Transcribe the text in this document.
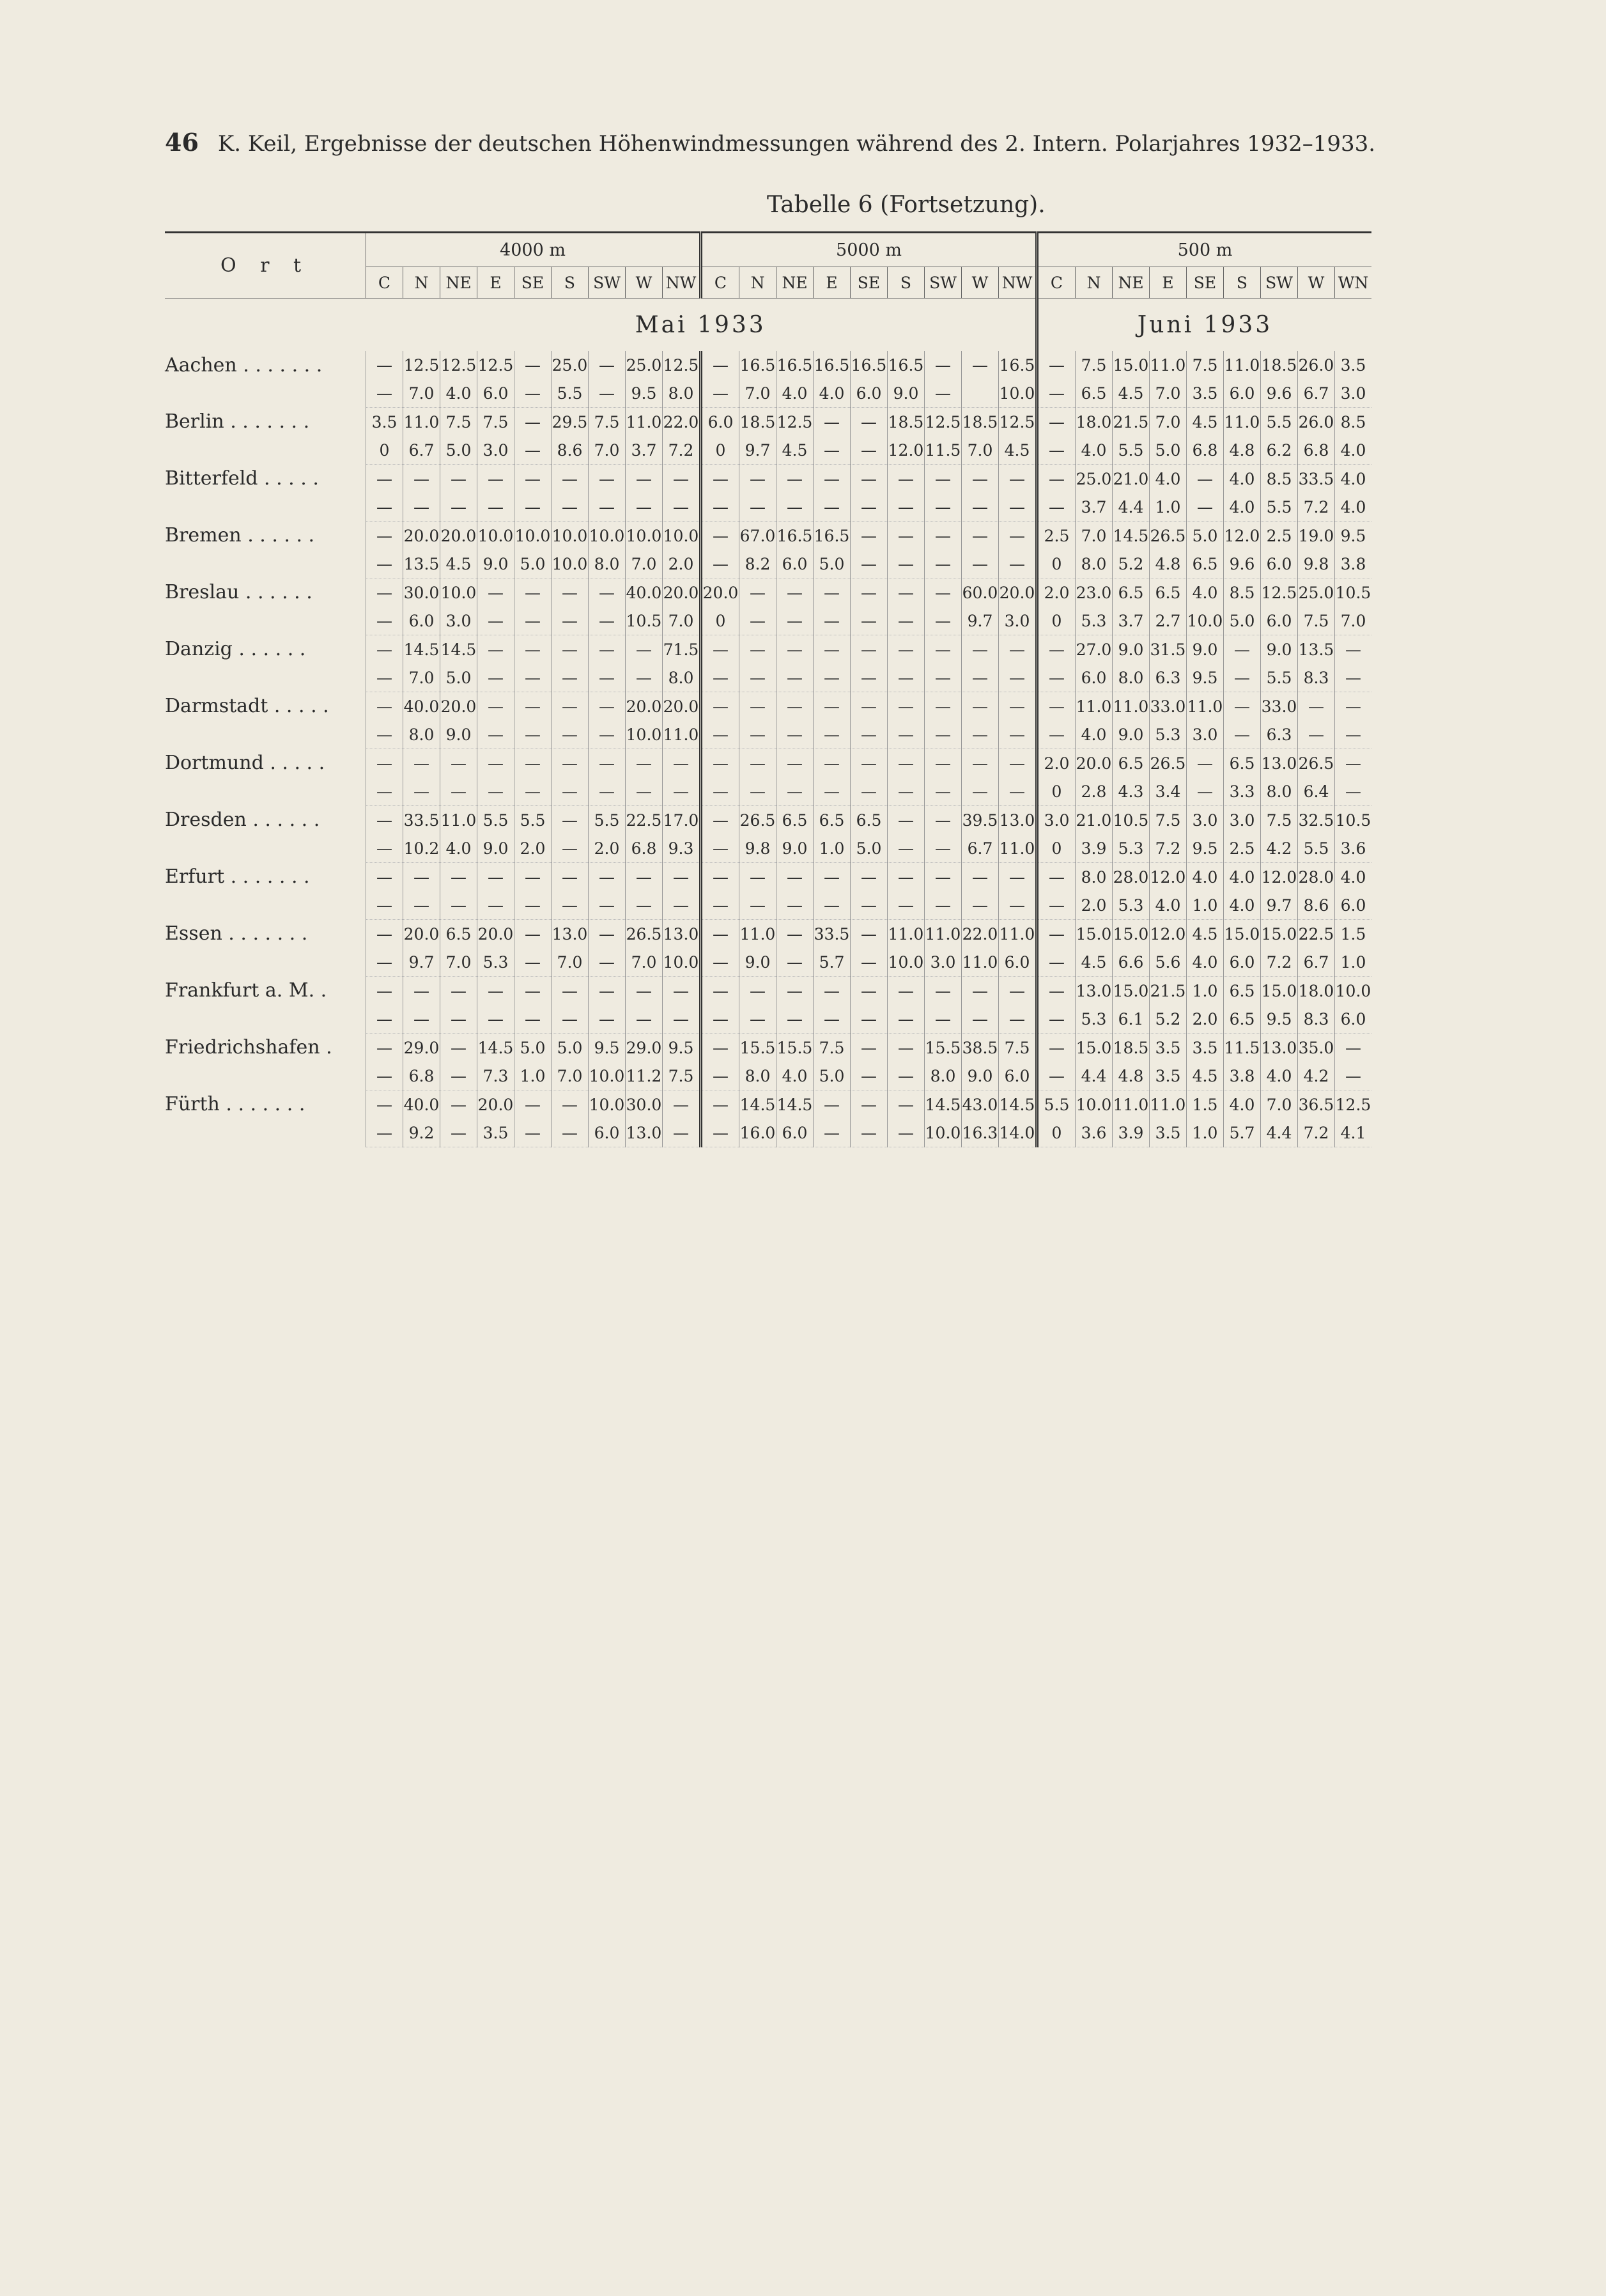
46 K. Keil, Ergebnisse der deutschen Höhenwindmessungen während des 2. Intern. Polarjahres 1932–1933.
Tabelle 6 (Fortsetzung).
O r t	4000 m									5000 m									500 m								
	C	N	NE	E	SE	S	SW	W	NW	C	N	NE	E	SE	S	SW	W	NW	C	N	NE	E	SE	S	SW	W	WN
	Mai 1933																		Juni 1933								
Aachen . . . . . . .	—	12.5	12.5	12.5	—	25.0	—	25.0	12.5	—	16.5	16.5	16.5	16.5	16.5	—	—	16.5	—	7.5	15.0	11.0	7.5	11.0	18.5	26.0	3.5
	—	7.0	4.0	6.0	—	5.5	—	9.5	8.0	—	7.0	4.0	4.0	6.0	9.0	—		10.0	—	6.5	4.5	7.0	3.5	6.0	9.6	6.7	3.0
Berlin . . . . . . .	3.5	11.0	7.5	7.5	—	29.5	7.5	11.0	22.0	6.0	18.5	12.5	—	—	18.5	12.5	18.5	12.5	—	18.0	21.5	7.0	4.5	11.0	5.5	26.0	8.5
	0	6.7	5.0	3.0	—	8.6	7.0	3.7	7.2	0	9.7	4.5	—	—	12.0	11.5	7.0	4.5	—	4.0	5.5	5.0	6.8	4.8	6.2	6.8	4.0
Bitterfeld . . . . .	—	—	—	—	—	—	—	—	—	—	—	—	—	—	—	—	—	—	—	25.0	21.0	4.0	—	4.0	8.5	33.5	4.0
	—	—	—	—	—	—	—	—	—	—	—	—	—	—	—	—	—	—	—	3.7	4.4	1.0	—	4.0	5.5	7.2	4.0
Bremen . . . . . .	—	20.0	20.0	10.0	10.0	10.0	10.0	10.0	10.0	—	67.0	16.5	16.5	—	—	—	—	—	2.5	7.0	14.5	26.5	5.0	12.0	2.5	19.0	9.5
	—	13.5	4.5	9.0	5.0	10.0	8.0	7.0	2.0	—	8.2	6.0	5.0	—	—	—	—	—	0	8.0	5.2	4.8	6.5	9.6	6.0	9.8	3.8
Breslau . . . . . .	—	30.0	10.0	—	—	—	—	40.0	20.0	20.0	—	—	—	—	—	—	60.0	20.0	2.0	23.0	6.5	6.5	4.0	8.5	12.5	25.0	10.5
	—	6.0	3.0	—	—	—	—	10.5	7.0	0	—	—	—	—	—	—	9.7	3.0	0	5.3	3.7	2.7	10.0	5.0	6.0	7.5	7.0
Danzig . . . . . .	—	14.5	14.5	—	—	—	—	—	71.5	—	—	—	—	—	—	—	—	—	—	27.0	9.0	31.5	9.0	—	9.0	13.5	—
	—	7.0	5.0	—	—	—	—	—	8.0	—	—	—	—	—	—	—	—	—	—	6.0	8.0	6.3	9.5	—	5.5	8.3	—
Darmstadt . . . . .	—	40.0	20.0	—	—	—	—	20.0	20.0	—	—	—	—	—	—	—	—	—	—	11.0	11.0	33.0	11.0	—	33.0	—	—
	—	8.0	9.0	—	—	—	—	10.0	11.0	—	—	—	—	—	—	—	—	—	—	4.0	9.0	5.3	3.0	—	6.3	—	—
Dortmund . . . . .	—	—	—	—	—	—	—	—	—	—	—	—	—	—	—	—	—	—	2.0	20.0	6.5	26.5	—	6.5	13.0	26.5	—
	—	—	—	—	—	—	—	—	—	—	—	—	—	—	—	—	—	—	0	2.8	4.3	3.4	—	3.3	8.0	6.4	—
Dresden . . . . . .	—	33.5	11.0	5.5	5.5	—	5.5	22.5	17.0	—	26.5	6.5	6.5	6.5	—	—	39.5	13.0	3.0	21.0	10.5	7.5	3.0	3.0	7.5	32.5	10.5
	—	10.2	4.0	9.0	2.0	—	2.0	6.8	9.3	—	9.8	9.0	1.0	5.0	—	—	6.7	11.0	0	3.9	5.3	7.2	9.5	2.5	4.2	5.5	3.6
Erfurt . . . . . . .	—	—	—	—	—	—	—	—	—	—	—	—	—	—	—	—	—	—	—	8.0	28.0	12.0	4.0	4.0	12.0	28.0	4.0
	—	—	—	—	—	—	—	—	—	—	—	—	—	—	—	—	—	—	—	2.0	5.3	4.0	1.0	4.0	9.7	8.6	6.0
Essen . . . . . . .	—	20.0	6.5	20.0	—	13.0	—	26.5	13.0	—	11.0	—	33.5	—	11.0	11.0	22.0	11.0	—	15.0	15.0	12.0	4.5	15.0	15.0	22.5	1.5
	—	9.7	7.0	5.3	—	7.0	—	7.0	10.0	—	9.0	—	5.7	—	10.0	3.0	11.0	6.0	—	4.5	6.6	5.6	4.0	6.0	7.2	6.7	1.0
Frankfurt a. M. .	—	—	—	—	—	—	—	—	—	—	—	—	—	—	—	—	—	—	—	13.0	15.0	21.5	1.0	6.5	15.0	18.0	10.0
	—	—	—	—	—	—	—	—	—	—	—	—	—	—	—	—	—	—	—	5.3	6.1	5.2	2.0	6.5	9.5	8.3	6.0
Friedrichshafen .	—	29.0	—	14.5	5.0	5.0	9.5	29.0	9.5	—	15.5	15.5	7.5	—	—	15.5	38.5	7.5	—	15.0	18.5	3.5	3.5	11.5	13.0	35.0	—
	—	6.8	—	7.3	1.0	7.0	10.0	11.2	7.5	—	8.0	4.0	5.0	—	—	8.0	9.0	6.0	—	4.4	4.8	3.5	4.5	3.8	4.0	4.2	—
Fürth . . . . . . .	—	40.0	—	20.0	—	—	10.0	30.0	—	—	14.5	14.5	—	—	—	14.5	43.0	14.5	5.5	10.0	11.0	11.0	1.5	4.0	7.0	36.5	12.5
	—	9.2	—	3.5	—	—	6.0	13.0	—	—	16.0	6.0	—	—	—	10.0	16.3	14.0	0	3.6	3.9	3.5	1.0	5.7	4.4	7.2	4.1
